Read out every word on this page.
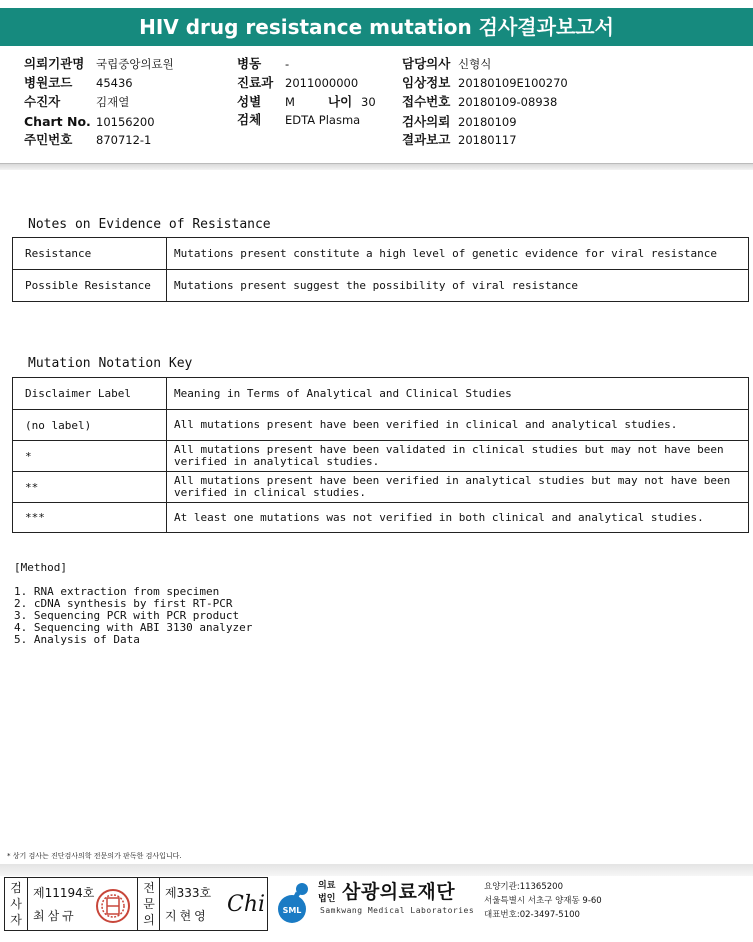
HIV drug resistance mutation 검사결과보고서
의뢰기관명 국립중앙의료원
병원코드 45436
수진자	김재열
Chart No. 10156200
주민번호 870712-1
병동 -
진료과 2011000000
성별 M	나이 30
검체 EDTA Plasma
담당의사 신형식
임상정보 20180109E100270
접수번호 20180109-08938
검사의뢰 20180109
결과보고 20180117
Notes on Evidence of Resistance
Resistance	Mutations present constitute a high level of genetic evidence for viral resistance
Possible Resistance	Mutations present suggest the possibility of viral resistance
Mutation Notation Key
Disclaimer Label	Meaning in Terms of Analytical and Clinical Studies
(no label)	All mutations present have been verified in clinical and analytical studies.
*	All mutations present have been validated in clinical studies but may not have been verified in analytical studies.
**	All mutations present have been verified in analytical studies but may not have been verified in clinical studies.
***	At least one mutations was not verified in both clinical and analytical studies.
[Method]
1. RNA extraction from specimen
2. cDNA synthesis by first RT-PCR
3. Sequencing PCR with PCR product
4. Sequencing with ABI 3130 analyzer
5. Analysis of Data
* 상기 검사는 진단검사의학 전문의가 판독한 검사입니다.
검
사
자
제11194호
최삼규
전
문
의
제333호
지현영 Chi SML
의료
법인 삼광의료재단
Samkwang Medical Laboratories
요양기관:11365200
서울특별시 서초구 양재동 9-60
대표번호:02-3497-5100
